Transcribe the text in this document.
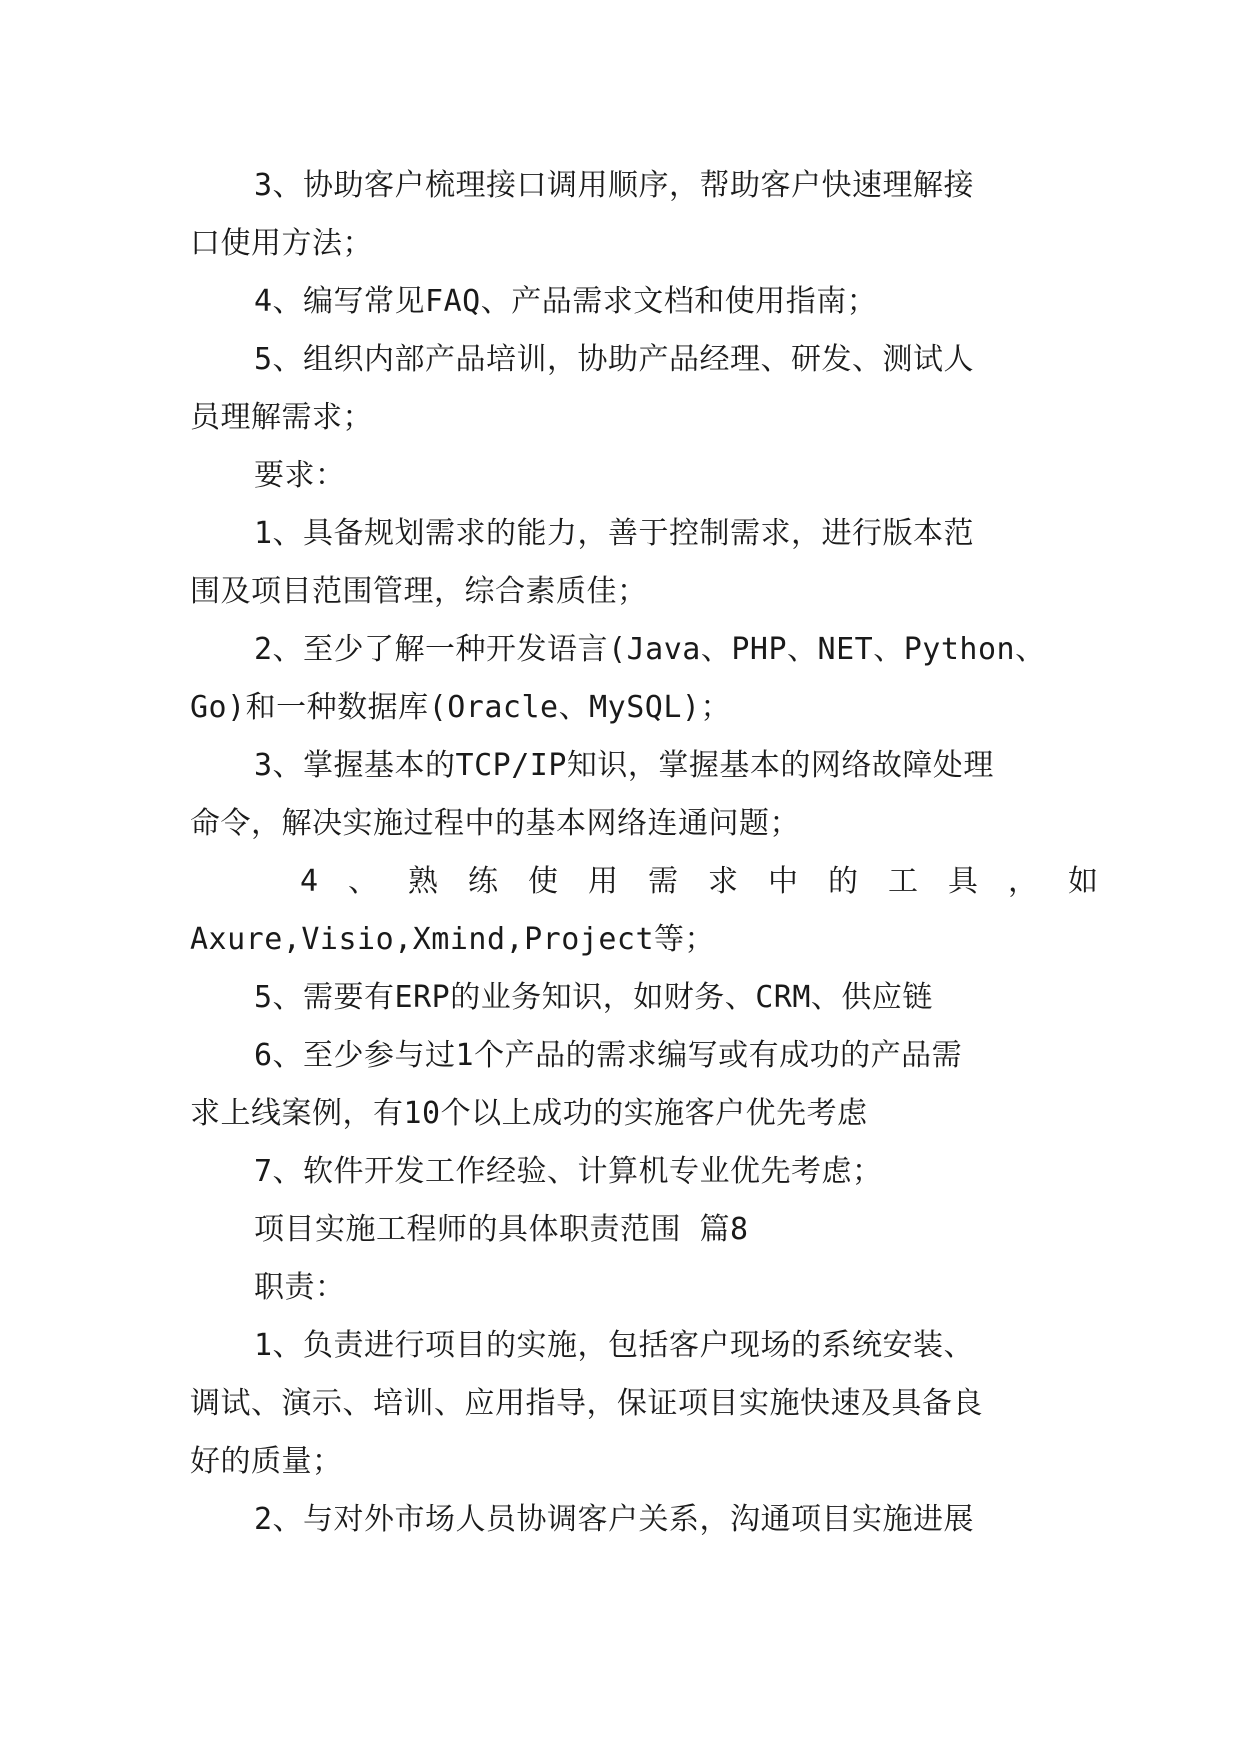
3、协助客户梳理接口调用顺序，帮助客户快速理解接
口使用方法；
4、编写常见FAQ、产品需求文档和使用指南；
5、组织内部产品培训，协助产品经理、研发、测试人
员理解需求；
要求：
1、具备规划需求的能力，善于控制需求，进行版本范
围及项目范围管理，综合素质佳；
2、至少了解一种开发语言(Java、PHP、NET、Python、
Go)和一种数据库(Oracle、MySQL)；
3、掌握基本的TCP/IP知识，掌握基本的网络故障处理
命令，解决实施过程中的基本网络连通问题；
4、熟练使用需求中的工具，如
Axure,Visio,Xmind,Project等；
5、需要有ERP的业务知识，如财务、CRM、供应链
6、至少参与过1个产品的需求编写或有成功的产品需
求上线案例，有10个以上成功的实施客户优先考虑
7、软件开发工作经验、计算机专业优先考虑；
项目实施工程师的具体职责范围 篇8
职责：
1、负责进行项目的实施，包括客户现场的系统安装、
调试、演示、培训、应用指导，保证项目实施快速及具备良
好的质量；
2、与对外市场人员协调客户关系，沟通项目实施进展
